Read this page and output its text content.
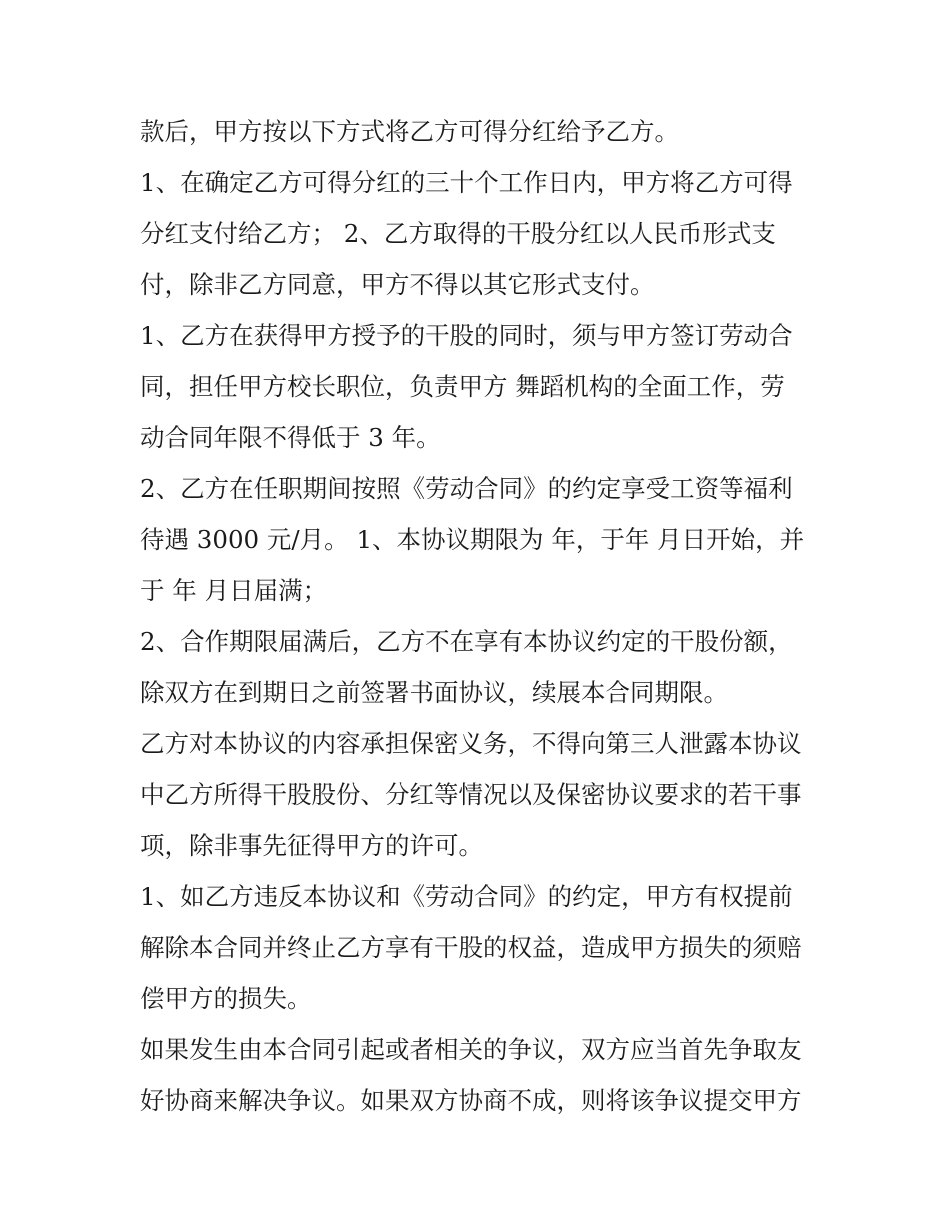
款后，甲方按以下方式将乙方可得分红给予乙方。
1、在确定乙方可得分红的三十个工作日内，甲方将乙方可得
分红支付给乙方； 2、乙方取得的干股分红以人民币形式支
付，除非乙方同意，甲方不得以其它形式支付。
1、乙方在获得甲方授予的干股的同时，须与甲方签订劳动合
同，担任甲方校长职位，负责甲方 舞蹈机构的全面工作，劳
动合同年限不得低于 3 年。
2、乙方在任职期间按照《劳动合同》的约定享受工资等福利
待遇 3000 元/月。 1、本协议期限为 年，于年 月日开始，并
于 年 月日届满；
2、合作期限届满后，乙方不在享有本协议约定的干股份额，
除双方在到期日之前签署书面协议，续展本合同期限。
乙方对本协议的内容承担保密义务，不得向第三人泄露本协议
中乙方所得干股股份、分红等情况以及保密协议要求的若干事
项，除非事先征得甲方的许可。
1、如乙方违反本协议和《劳动合同》的约定，甲方有权提前
解除本合同并终止乙方享有干股的权益，造成甲方损失的须赔
偿甲方的损失。
如果发生由本合同引起或者相关的争议，双方应当首先争取友
好协商来解决争议。如果双方协商不成，则将该争议提交甲方
